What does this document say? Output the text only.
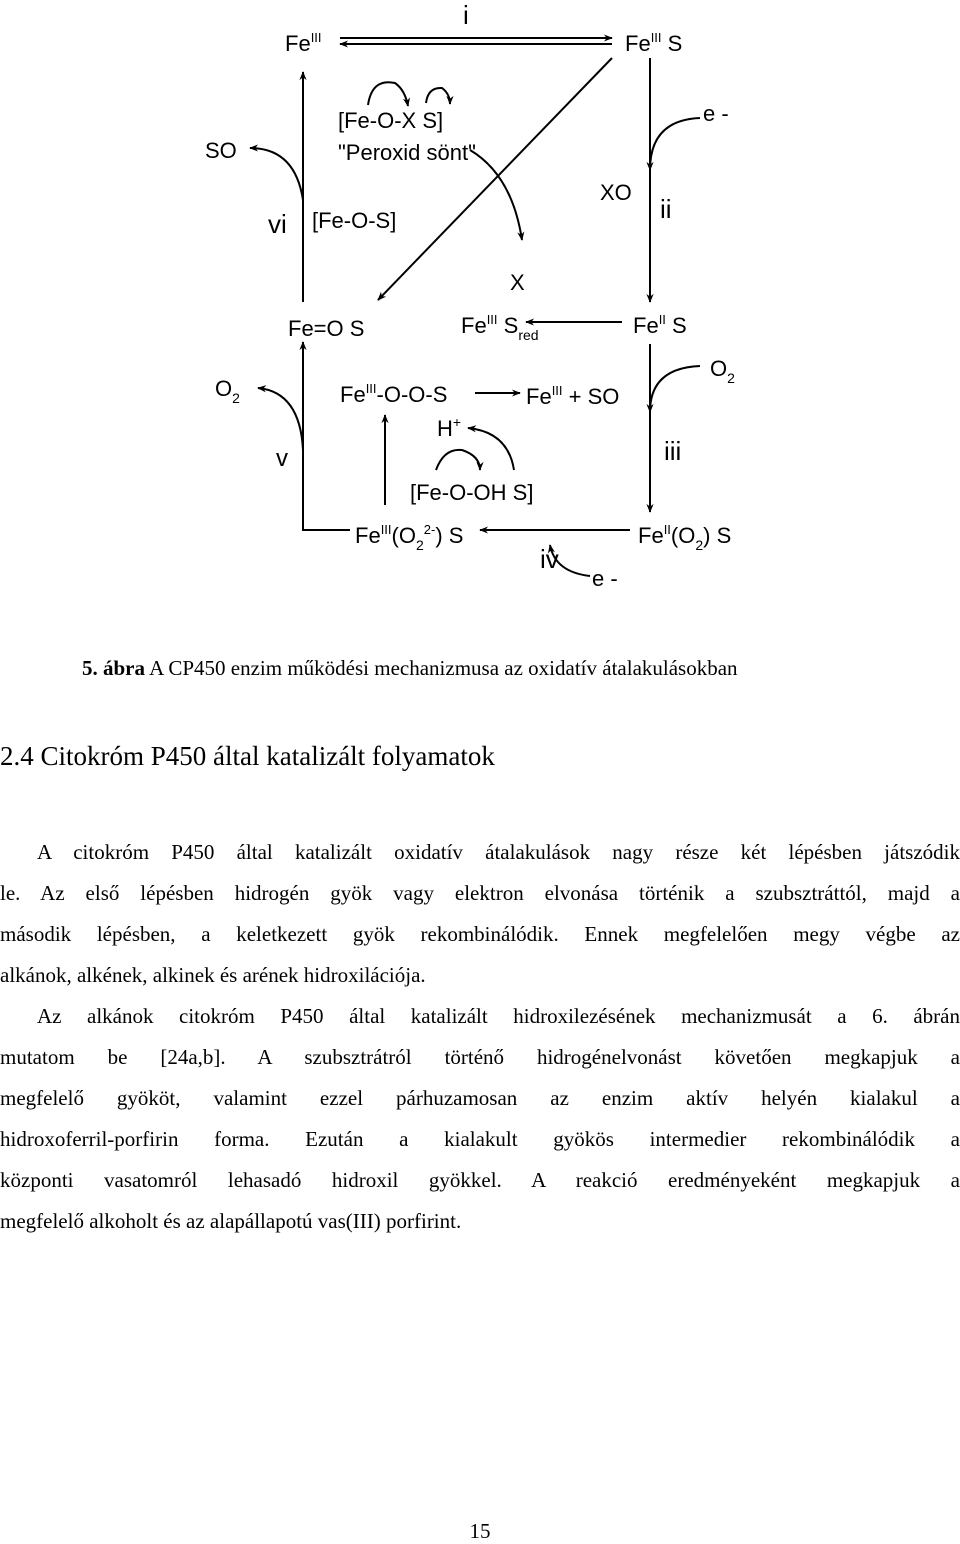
i
$Fe^{III}$	$Fe^{III}$ S
e -
[Fe-O-X S]
SO	"Peroxid sönt"
XO
ii
vi [Fe-O-S]
X
Fe=O S	$Fe^{III}$ $S_{red}$	$Fe^{II}$ S
$O_2$
$O_2$	$Fe^{III}-O-O-S$	$Fe^{III}$ + SO
H+
v	iii
[Fe-O-OH S]
$Fe^{III}(O_2^{2-})$ S	$Fe^{II}(O_2)$ S
iv
e -
5. ábra A CP450 enzim működési mechanizmusa az oxidatív átalakulásokban
2.4 Citokróm P450 által katalizált folyamatok
A citokróm P450 által katalizált oxidatív átalakulások nagy része két lépésben játszódik
le. Az első lépésben hidrogén gyök vagy elektron elvonása történik a szubsztráttól, majd a
második lépésben, a keletkezett gyök rekombinálódik. Ennek megfelelően megy végbe az
alkánok, alkének, alkinek és arének hidroxilációja.
Az alkánok citokróm P450 által katalizált hidroxilezésének mechanizmusát a 6. ábrán
mutatom be [24a,b]. A szubsztrátról történő hidrogénelvonást követően megkapjuk a
megfelelő gyököt, valamint ezzel párhuzamosan az enzim aktív helyén kialakul a
hidroxoferril-porfirin forma. Ezután a kialakult gyökös intermedier rekombinálódik a
központi vasatomról lehasadó hidroxil gyökkel. A reakció eredményeként megkapjuk a
megfelelő alkoholt és az alapállapotú vas(III) porfirint.
15
